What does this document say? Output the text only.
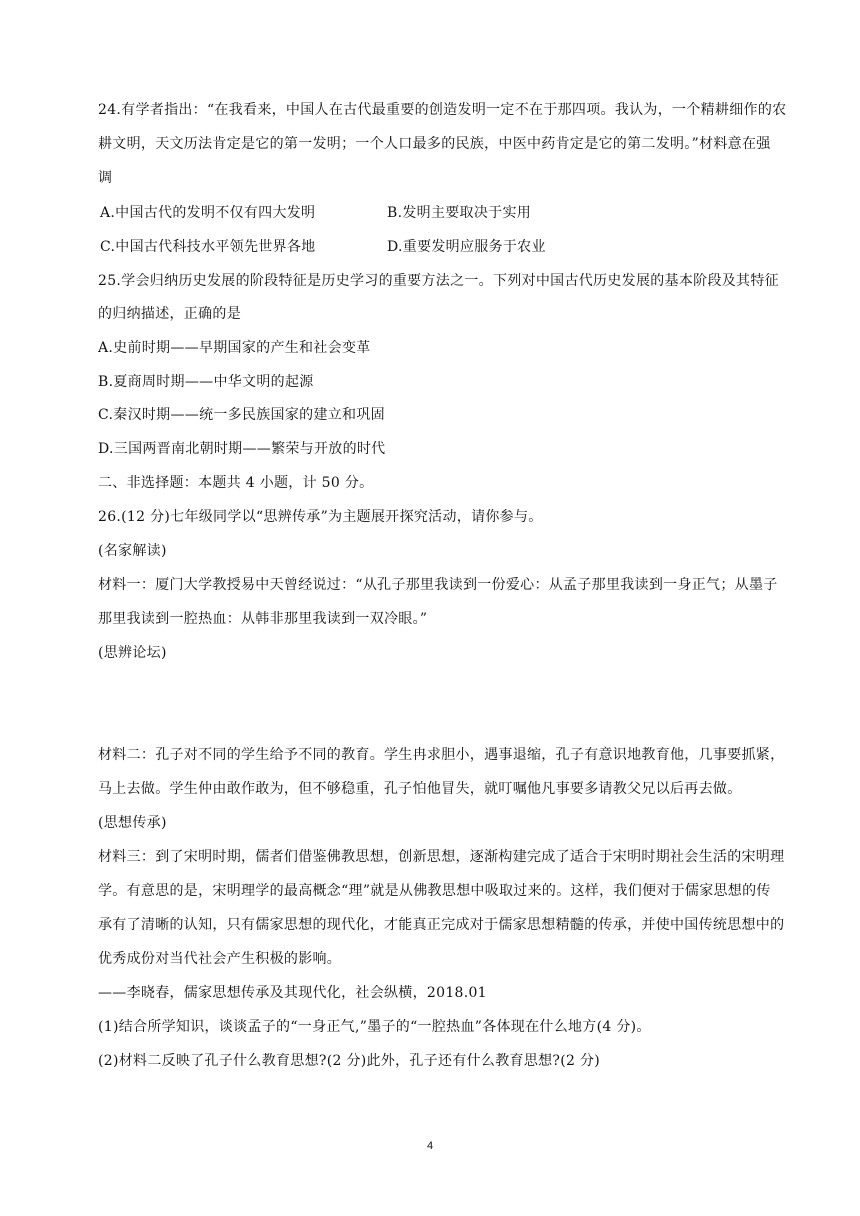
24.有学者指出：“在我看来，中国人在古代最重要的创造发明一定不在于那四项。我认为，一个精耕细作的农
耕文明，天文历法肯定是它的第一发明；一个人口最多的民族，中医中药肯定是它的第二发明。”材料意在强
调
A.中国古代的发明不仅有四大发明	B.发明主要取决于实用
C.中国古代科技水平领先世界各地	D.重要发明应服务于农业
25.学会归纳历史发展的阶段特征是历史学习的重要方法之一。下列对中国古代历史发展的基本阶段及其特征
的归纳描述，正确的是
A.史前时期——早期国家的产生和社会变革
B.夏商周时期——中华文明的起源
C.秦汉时期——统一多民族国家的建立和巩固
D.三国两晋南北朝时期——繁荣与开放的时代
二、非选择题：本题共 4 小题，计 50 分。
26.(12 分)七年级同学以“思辨传承”为主题展开探究活动，请你参与。
(名家解读)
材料一：厦门大学教授易中天曾经说过：“从孔子那里我读到一份爱心：从孟子那里我读到一身正气；从墨子
那里我读到一腔热血：从韩非那里我读到一双冷眼。”
(思辨论坛)
材料二：孔子对不同的学生给予不同的教育。学生冉求胆小，遇事退缩，孔子有意识地教育他，几事要抓紧，
马上去做。学生仲由敢作敢为，但不够稳重，孔子怕他冒失，就叮嘱他凡事要多请教父兄以后再去做。
(思想传承)
材料三：到了宋明时期，儒者们借鉴佛教思想，创新思想，逐渐构建完成了适合于宋明时期社会生活的宋明理
学。有意思的是，宋明理学的最高概念“理”就是从佛教思想中吸取过来的。这样，我们便对于儒家思想的传
承有了清晰的认知，只有儒家思想的现代化，才能真正完成对于儒家思想精髓的传承，并使中国传统思想中的
优秀成份对当代社会产生积极的影响。
——李晓春，儒家思想传承及其现代化，社会纵横，2018.01
(1)结合所学知识，谈谈孟子的“一身正气,”墨子的“一腔热血”各体现在什么地方(4 分)。
(2)材料二反映了孔子什么教育思想?(2 分)此外，孔子还有什么教育思想?(2 分)
4
